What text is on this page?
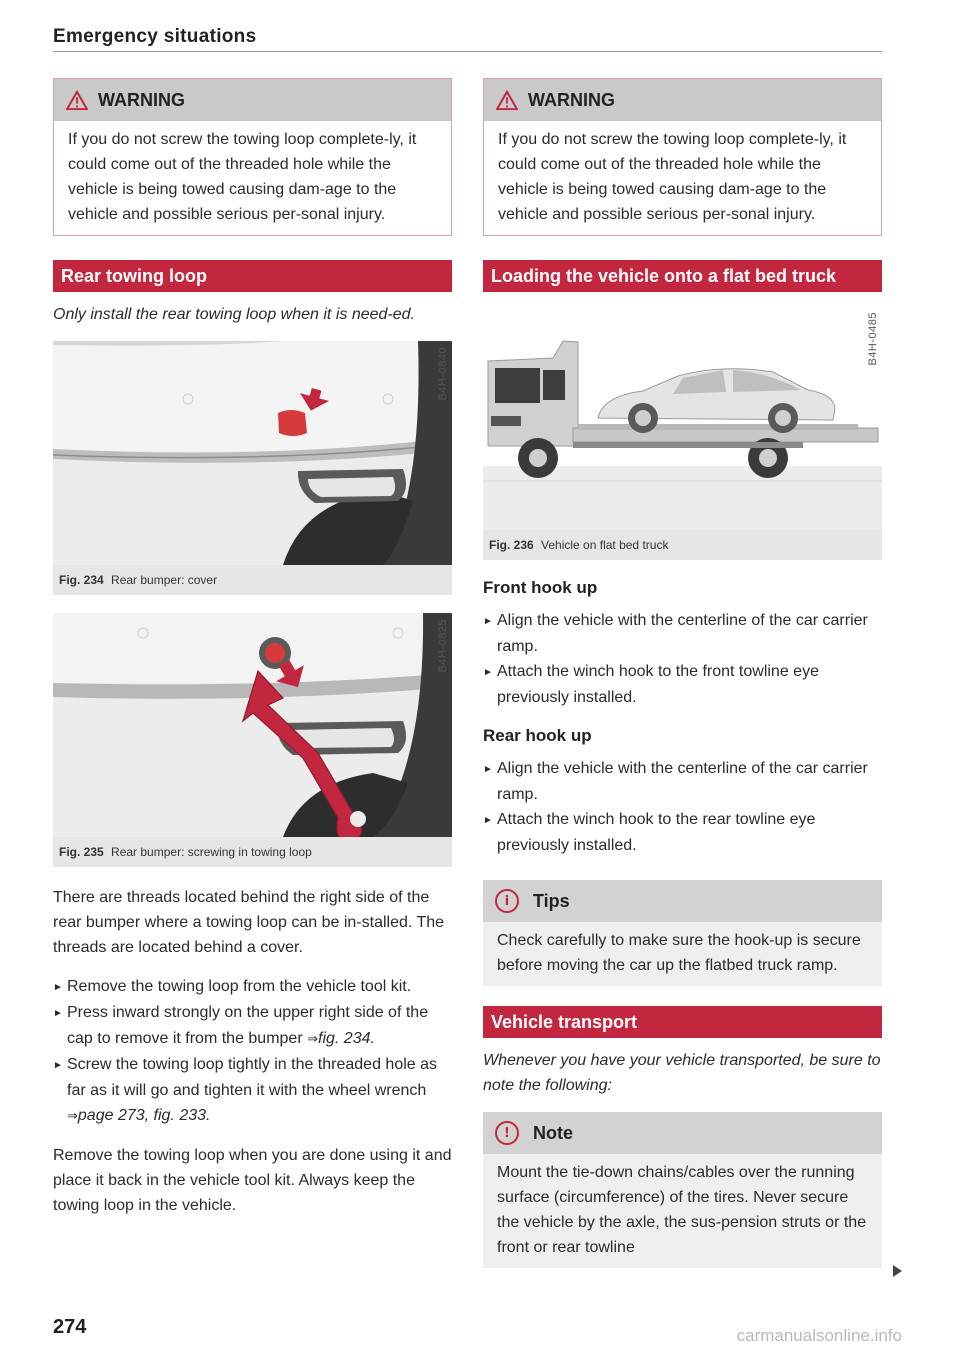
Emergency situations
WARNING
If you do not screw the towing loop complete-ly, it could come out of the threaded hole while the vehicle is being towed causing dam-age to the vehicle and possible serious per-sonal injury.
Rear towing loop
Only install the rear towing loop when it is need-ed.
B4H-0840
Fig. 234 Rear bumper: cover
B4H-0825
Fig. 235 Rear bumper: screwing in towing loop

There are threads located behind the right side of the rear bumper where a towing loop can be in-stalled. The threads are located behind a cover.

► Remove the towing loop from the vehicle tool kit.
► Press inward strongly on the upper right side of the cap to remove it from the bumper ⇒fig. 234.
► Screw the towing loop tightly in the threaded hole as far as it will go and tighten it with the wheel wrench ⇒page 273, fig. 233.

Remove the towing loop when you are done using it and place it back in the vehicle tool kit. Always keep the towing loop in the vehicle.

WARNING
If you do not screw the towing loop complete-ly, it could come out of the threaded hole while the vehicle is being towed causing dam-age to the vehicle and possible serious per-sonal injury.
Loading the vehicle onto a flat bed truck
B4H-0485
Fig. 236 Vehicle on flat bed truck
Front hook up
► Align the vehicle with the centerline of the car carrier ramp.
► Attach the winch hook to the front towline eye previously installed.
Rear hook up
► Align the vehicle with the centerline of the car carrier ramp.
► Attach the winch hook to the rear towline eye previously installed.
i	Tips
Check carefully to make sure the hook-up is secure before moving the car up the flatbed truck ramp.
Vehicle transport
Whenever you have your vehicle transported, be sure to note the following:
!	Note
Mount the tie-down chains/cables over the running surface (circumference) of the tires. Never secure the vehicle by the axle, the sus-pension struts or the front or rear towline
274	carmanualsonline.info
